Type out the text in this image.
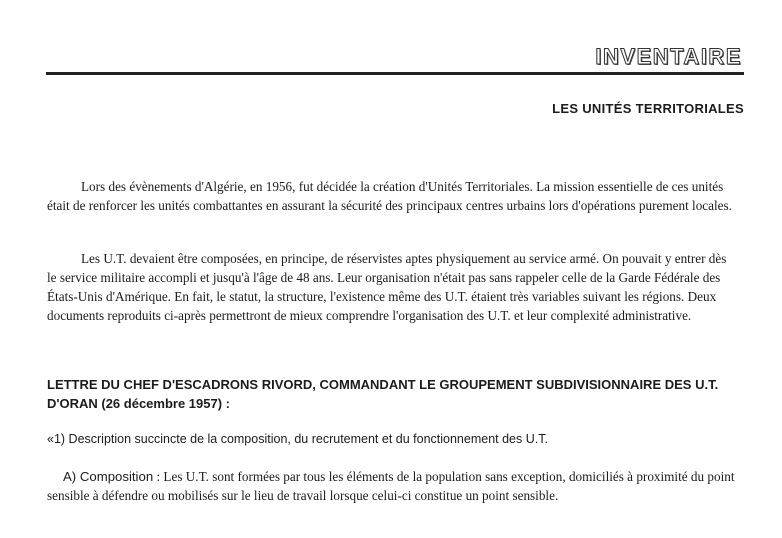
INVENTAIRE
LES UNITÉS TERRITORIALES

Lors des évènements d'Algérie, en 1956, fut décidée la création d'Unités Territoriales. La mission essentielle de ces unités était de renforcer les unités combattantes en assurant la sécurité des principaux centres urbains lors d'opérations purement locales.

Les U.T. devaient être composées, en principe, de réservistes aptes physiquement au service armé. On pouvait y entrer dès le service militaire accompli et jusqu'à l'âge de 48 ans. Leur organisation n'était pas sans rappeler celle de la Garde Fédérale des États-Unis d'Amérique. En fait, le statut, la structure, l'existence même des U.T. étaient très variables suivant les régions. Deux documents reproduits ci-après permettront de mieux comprendre l'organisation des U.T. et leur complexité administrative.

LETTRE DU CHEF D'ESCADRONS RIVORD, COMMANDANT LE GROUPEMENT SUBDIVISIONNAIRE DES U.T. D'ORAN (26 décembre 1957) :

«1) Description succincte de la composition, du recrutement et du fonctionnement des U.T.

A) Composition : Les U.T. sont formées par tous les éléments de la population sans exception, domiciliés à proximité du point sensible à défendre ou mobilisés sur le lieu de travail lorsque celui-ci constitue un point sensible.
